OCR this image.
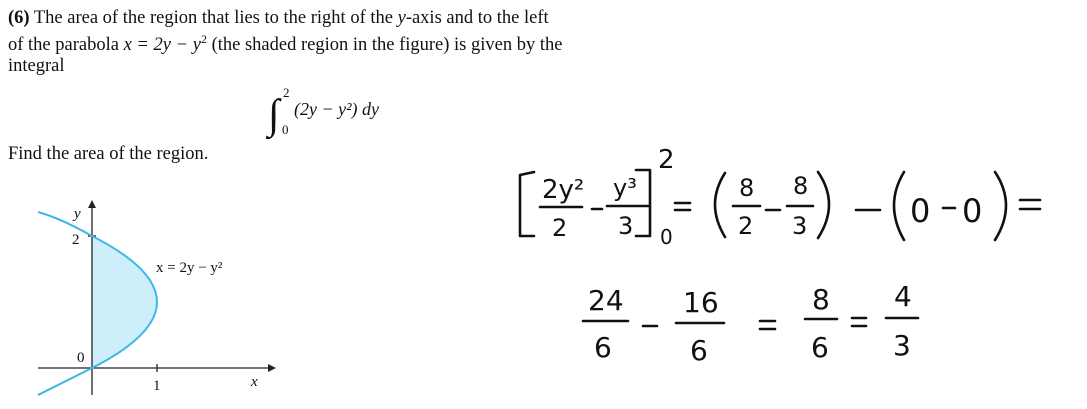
(6) The area of the region that lies to the right of the y-axis and to the left
of the parabola $x = 2y - y^2$ (the shaded region in the figure) is given by the
integral
Find the area of the region.
∫ 2
0
(2y − y²) dy
y
2
0
1	x
x = 2y − y²
2y²
2
y³
3
2
0
8
2
8
3	0 0
24
6
16
6
8
6
4
3
